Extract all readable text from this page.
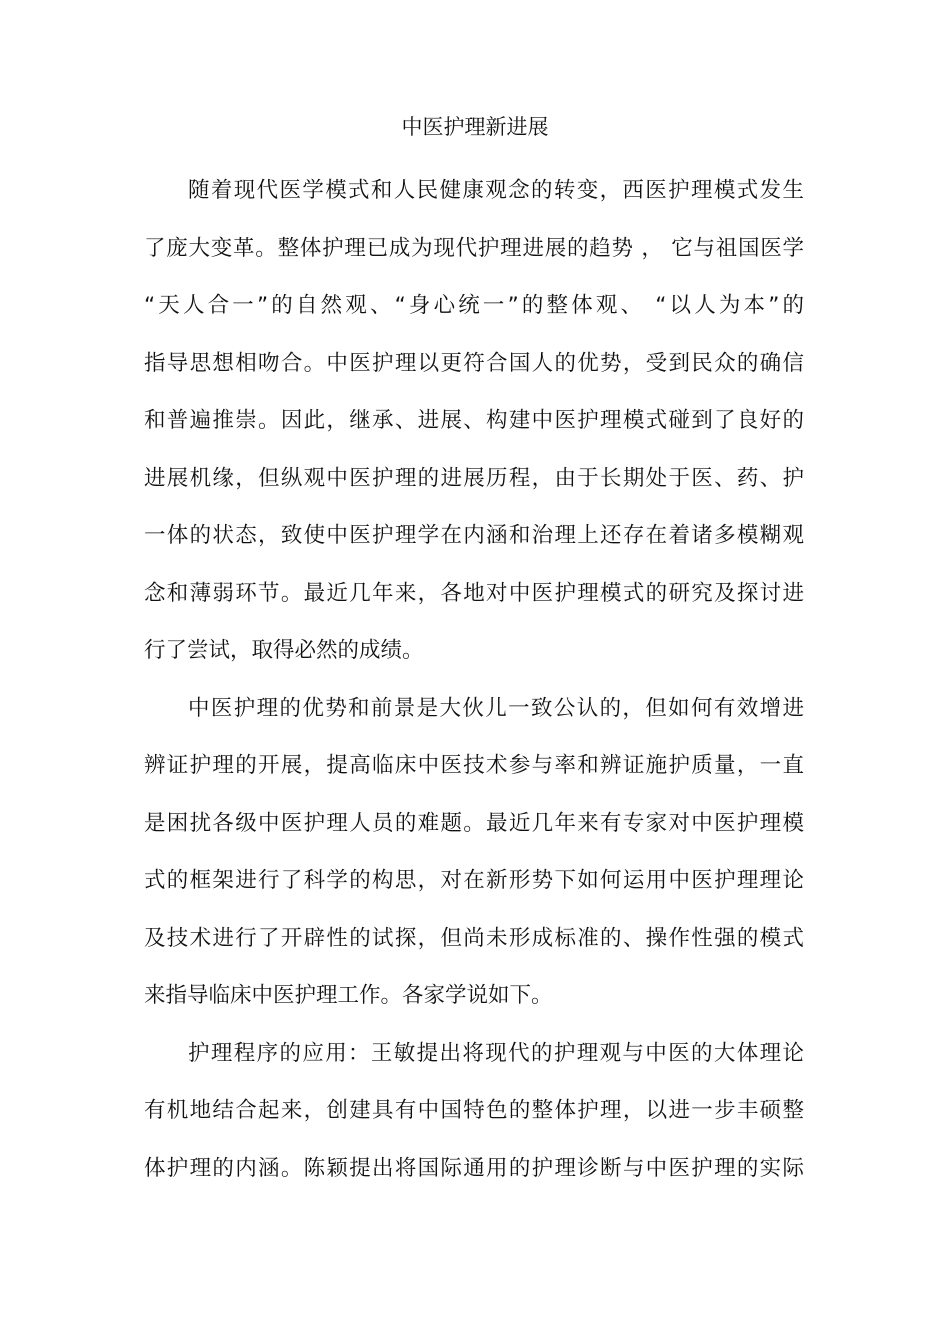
中医护理新进展
随着现代医学模式和人民健康观念的转变，西医护理模式发生
了庞大变革。整体护理已成为现代护理进展的趋势 ， 它与祖国医学
“天人合一”的自然观、“身心统一”的整体观、 “以人为本”的
指导思想相吻合。中医护理以更符合国人的优势，受到民众的确信
和普遍推崇。因此，继承、进展、构建中医护理模式碰到了良好的
进展机缘，但纵观中医护理的进展历程，由于长期处于医、药、护
一体的状态，致使中医护理学在内涵和治理上还存在着诸多模糊观
念和薄弱环节。最近几年来，各地对中医护理模式的研究及探讨进
行了尝试，取得必然的成绩。
中医护理的优势和前景是大伙儿一致公认的，但如何有效增进
辨证护理的开展，提高临床中医技术参与率和辨证施护质量，一直
是困扰各级中医护理人员的难题。最近几年来有专家对中医护理模
式的框架进行了科学的构思，对在新形势下如何运用中医护理理论
及技术进行了开辟性的试探，但尚未形成标准的、操作性强的模式
来指导临床中医护理工作。各家学说如下。
护理程序的应用：王敏提出将现代的护理观与中医的大体理论
有机地结合起来，创建具有中国特色的整体护理，以进一步丰硕整
体护理的内涵。陈颖提出将国际通用的护理诊断与中医护理的实际
